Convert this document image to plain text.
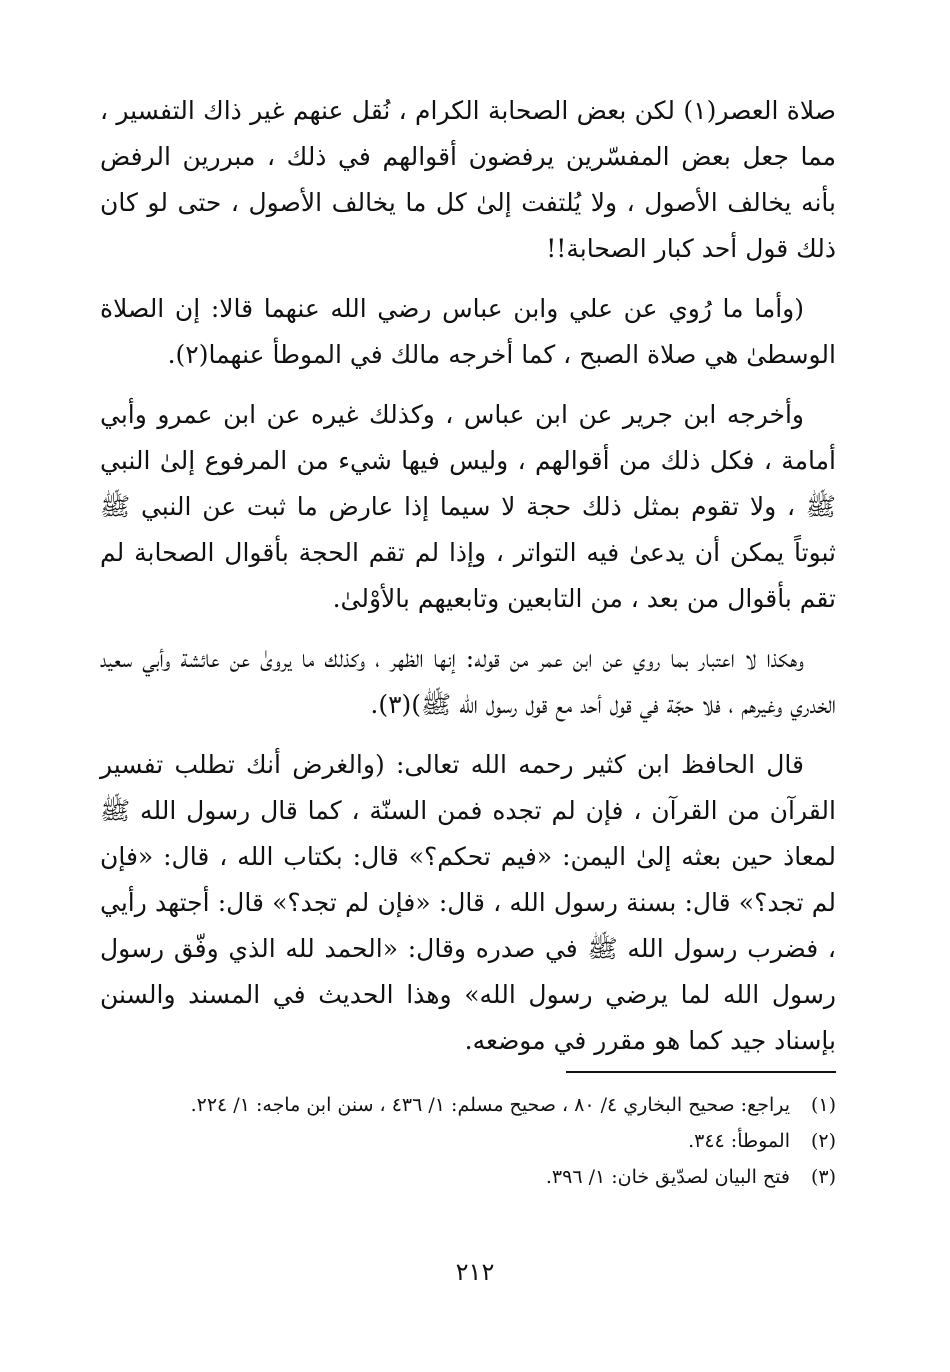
صلاة العصر(١) لكن بعض الصحابة الكرام ، نُقل عنهم غير ذاك التفسير ، مما جعل بعض المفسّرين يرفضون أقوالهم في ذلك ، مبررين الرفض بأنه يخالف الأصول ، ولا يُلتفت إلىٰ كل ما يخالف الأصول ، حتى لو كان ذلك قول أحد كبار الصحابة!!

(وأما ما رُوي عن علي وابن عباس رضي الله عنهما قالا: إن الصلاة الوسطىٰ هي صلاة الصبح ، كما أخرجه مالك في الموطأ عنهما(٢).

وأخرجه ابن جرير عن ابن عباس ، وكذلك غيره عن ابن عمرو وأبي أمامة ، فكل ذلك من أقوالهم ، وليس فيها شيء من المرفوع إلىٰ النبي ﷺ ، ولا تقوم بمثل ذلك حجة لا سيما إذا عارض ما ثبت عن النبي ﷺ ثبوتاً يمكن أن يدعىٰ فيه التواتر ، وإذا لم تقم الحجة بأقوال الصحابة لم تقم بأقوال من بعد ، من التابعين وتابعيهم بالأوْلىٰ.

وهكذا لا اعتبار بما روي عن ابن عمر من قوله: إنها الظهر ، وكذلك ما يروىٰ عن عائشة وأبي سعيد الخدري وغيرهم ، فلا حجّة في قول أحد مع قول رسول الله ﷺ)(٣).

قال الحافظ ابن كثير رحمه الله تعالى: (والغرض أنك تطلب تفسير القرآن من القرآن ، فإن لم تجده فمن السنّة ، كما قال رسول الله ﷺ لمعاذ حين بعثه إلىٰ اليمن: «فيم تحكم؟» قال: بكتاب الله ، قال: «فإن لم تجد؟» قال: بسنة رسول الله ، قال: «فإن لم تجد؟» قال: أجتهد رأيي ، فضرب رسول الله ﷺ في صدره وقال: «الحمد لله الذي وفّق رسول رسول الله لما يرضي رسول الله» وهذا الحديث في المسند والسنن بإسناد جيد كما هو مقرر في موضعه.

(١)
يراجع: صحيح البخاري ٤/ ٨٠ ، صحيح مسلم: ١/ ٤٣٦ ، سنن ابن ماجه: ١/ ٢٢٤.
(٢)
الموطأ: ٣٤٤.
(٣)
فتح البيان لصدّيق خان: ١/ ٣٩٦.
٢١٢
